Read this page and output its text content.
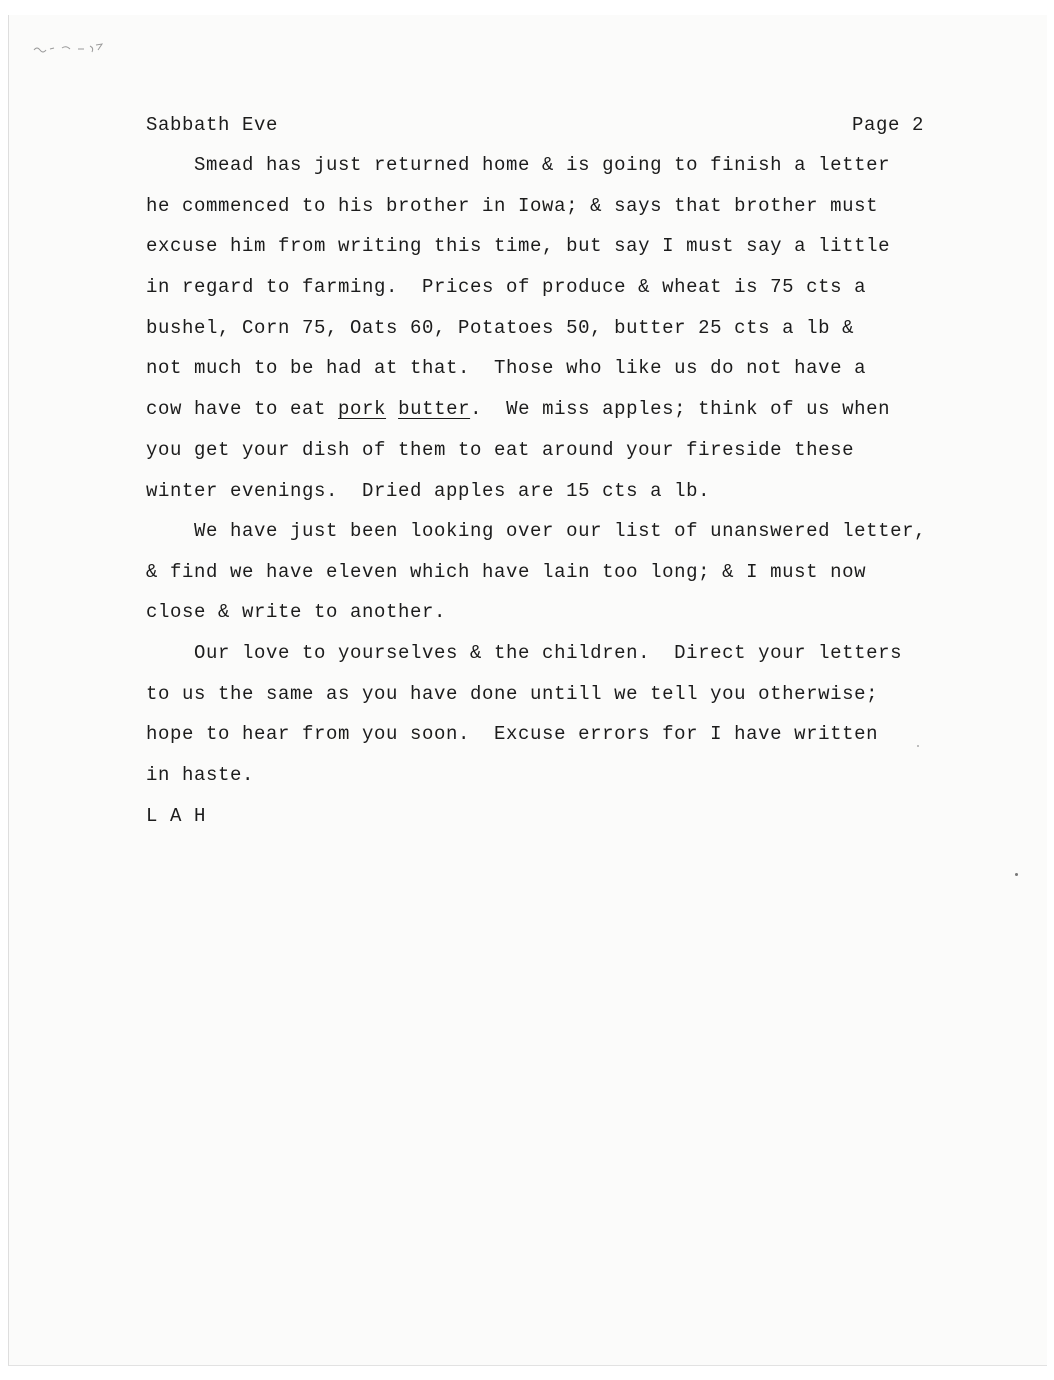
Sabbath Eve	Page 2
Smead has just returned home & is going to finish a letter
he commenced to his brother in Iowa; & says that brother must
excuse him from writing this time, but say I must say a little
in regard to farming.  Prices of produce & wheat is 75 cts a
bushel, Corn 75, Oats 60, Potatoes 50, butter 25 cts a lb &
not much to be had at that.  Those who like us do not have a
cow have to eat pork butter.  We miss apples; think of us when
you get your dish of them to eat around your fireside these
winter evenings.  Dried apples are 15 cts a lb.
We have just been looking over our list of unanswered letter,
& find we have eleven which have lain too long; & I must now
close & write to another.
Our love to yourselves & the children.  Direct your letters
to us the same as you have done untill we tell you otherwise;
hope to hear from you soon.  Excuse errors for I have written
in haste.
L A H
